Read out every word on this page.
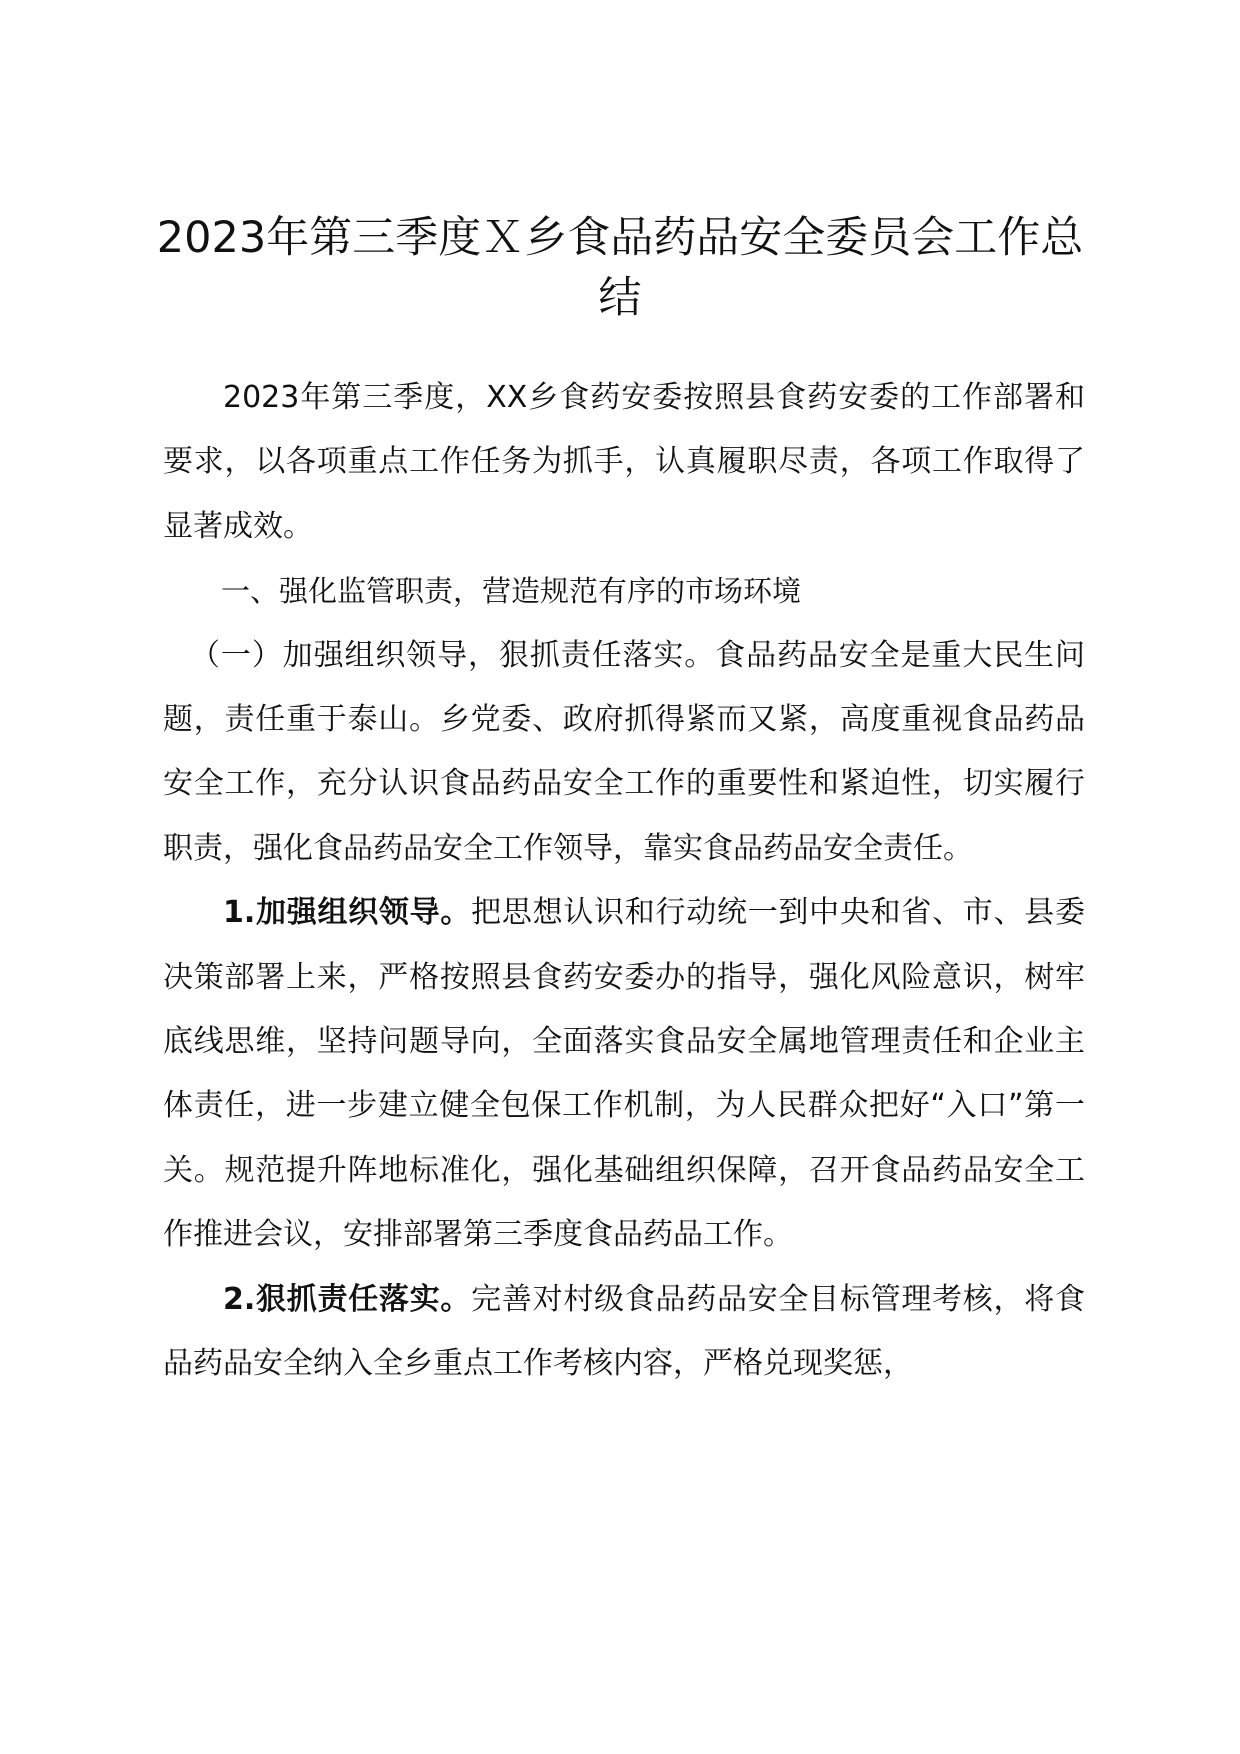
2023年第三季度Ｘ乡食品药品安全委员会工作总结

2023年第三季度，XX乡食药安委按照县食药安委的工作部署和要求，以各项重点工作任务为抓手，认真履职尽责，各项工作取得了显著成效。

一、强化监管职责，营造规范有序的市场环境

（一）加强组织领导，狠抓责任落实。食品药品安全是重大民生问题，责任重于泰山。乡党委、政府抓得紧而又紧，高度重视食品药品安全工作，充分认识食品药品安全工作的重要性和紧迫性，切实履行职责，强化食品药品安全工作领导，靠实食品药品安全责任。

1.加强组织领导。把思想认识和行动统一到中央和省、市、县委决策部署上来，严格按照县食药安委办的指导，强化风险意识，树牢底线思维，坚持问题导向，全面落实食品安全属地管理责任和企业主体责任，进一步建立健全包保工作机制，为人民群众把好“入口”第一关。规范提升阵地标准化，强化基础组织保障，召开食品药品安全工作推进会议，安排部署第三季度食品药品工作。

2.狠抓责任落实。完善对村级食品药品安全目标管理考核，将食品药品安全纳入全乡重点工作考核内容，严格兑现奖惩，
